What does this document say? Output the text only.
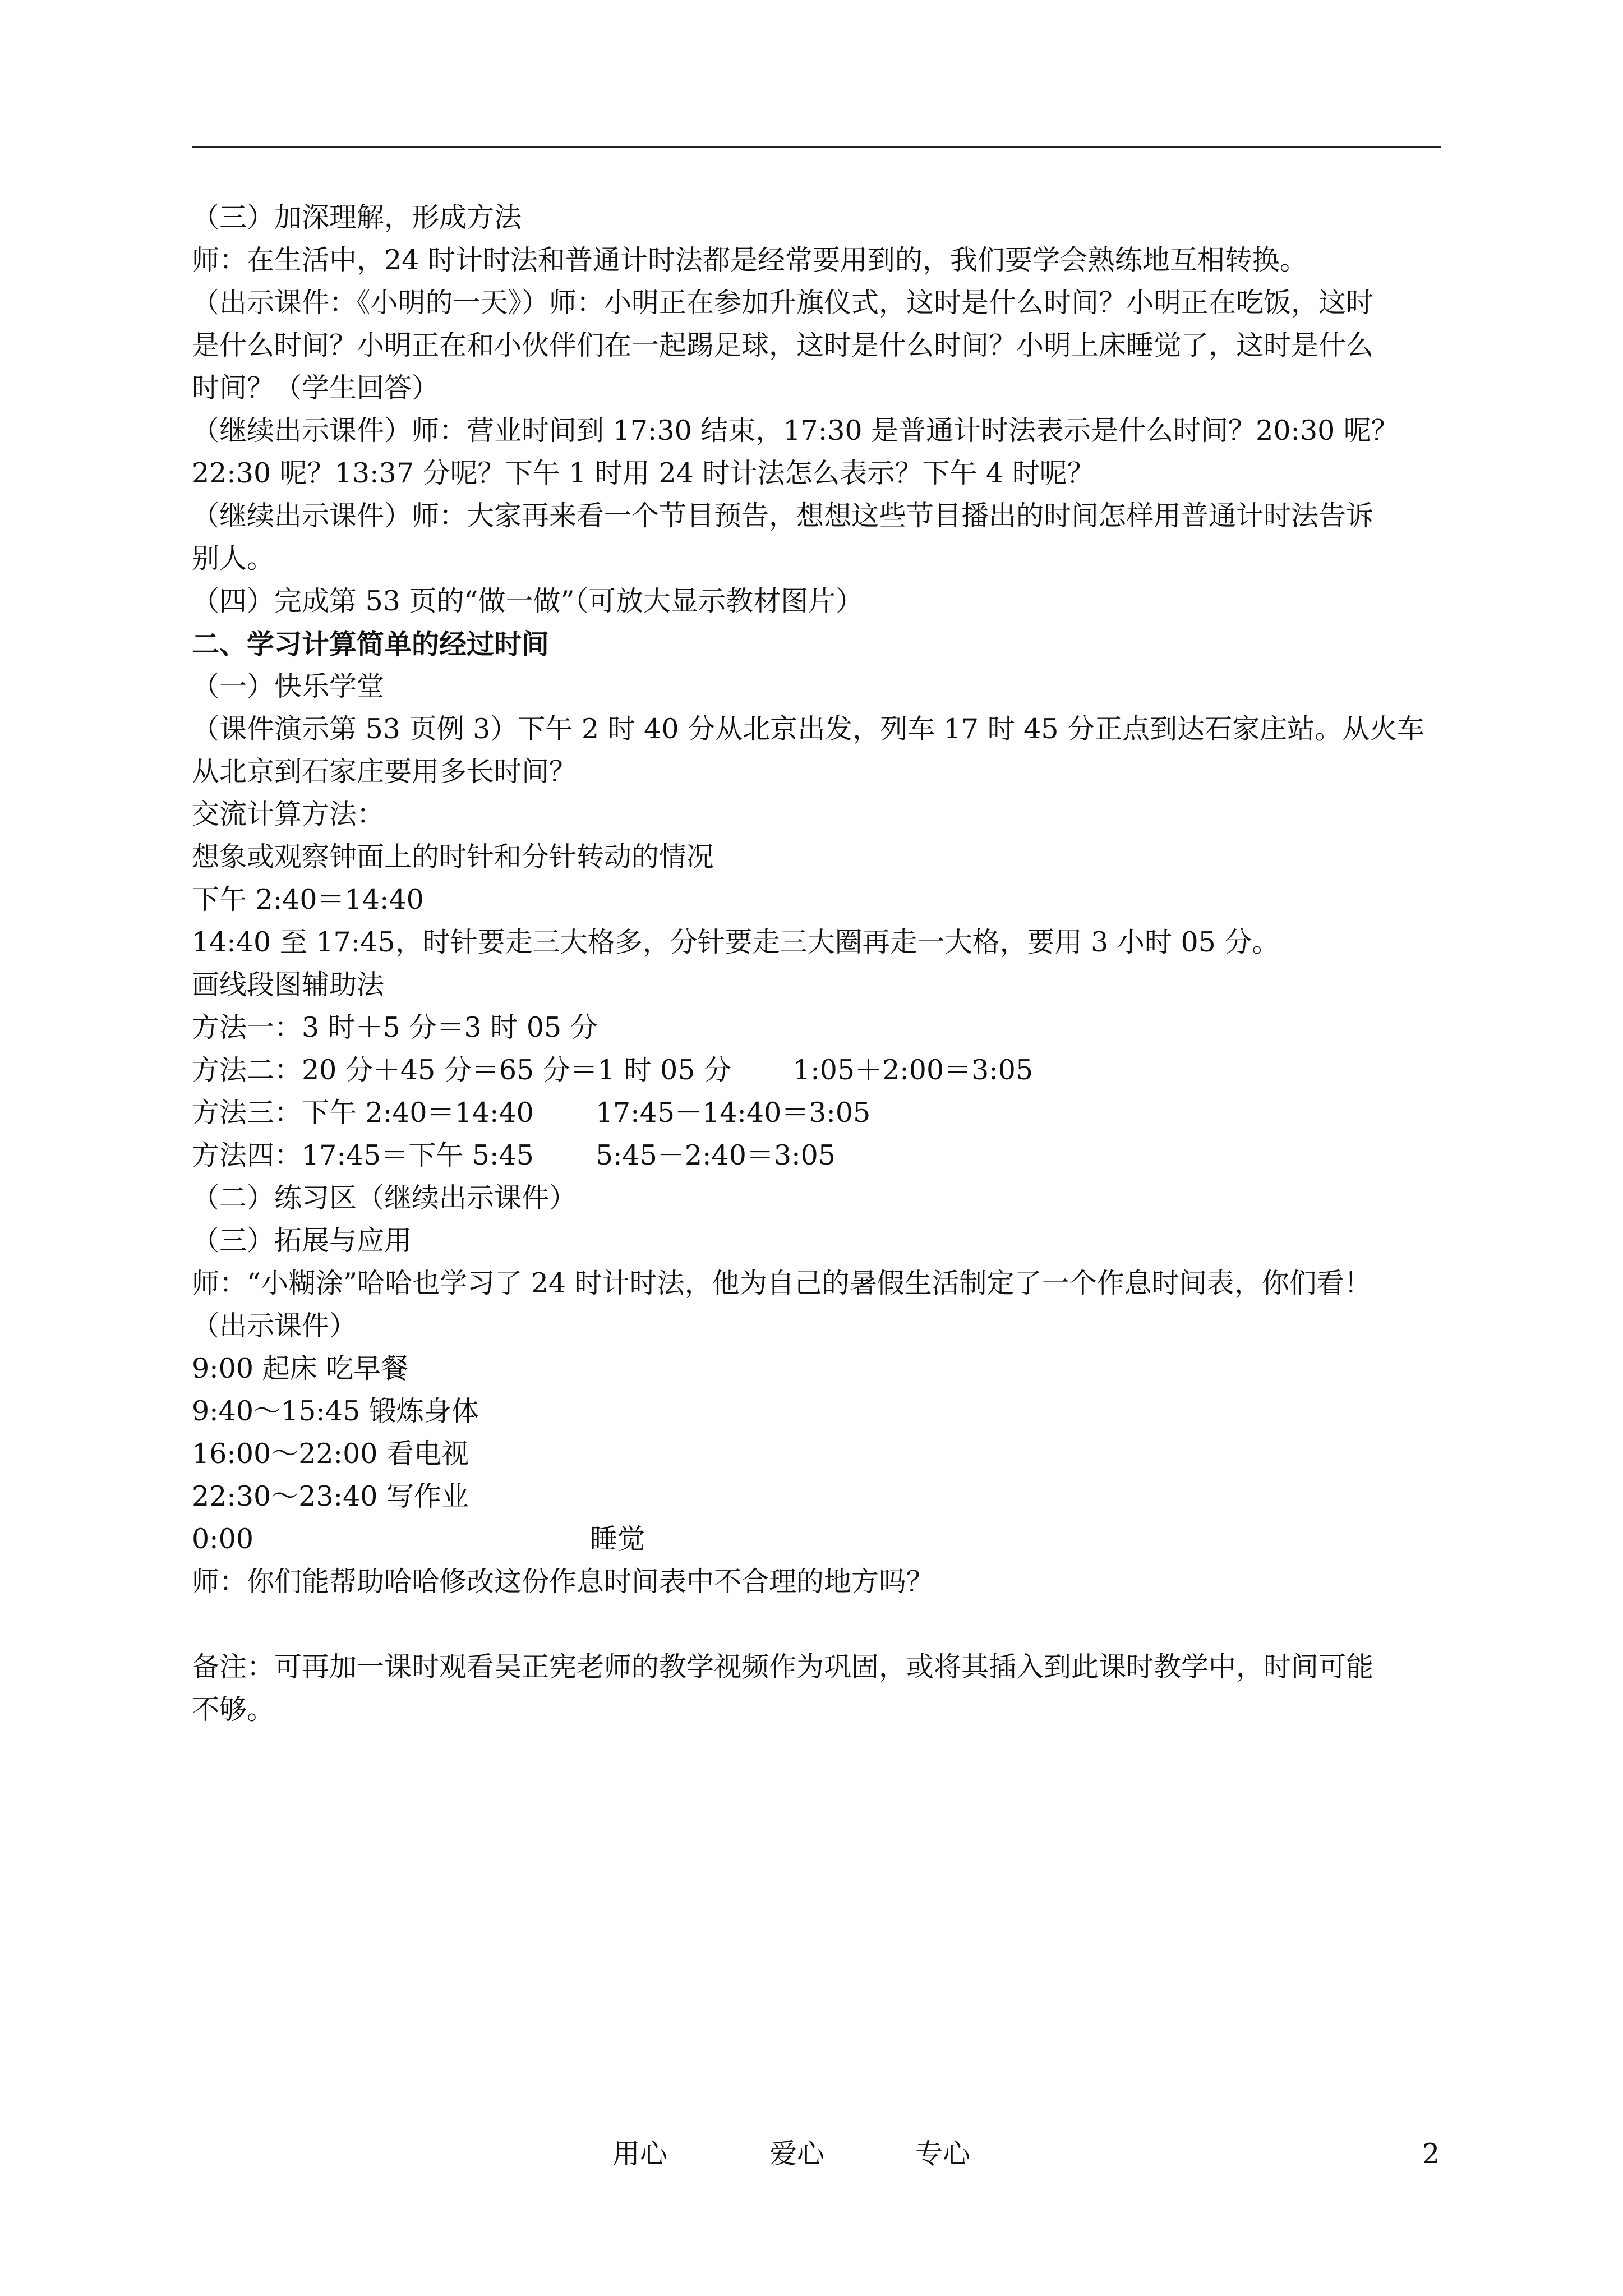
（三）加深理解，形成方法
师：在生活中，24 时计时法和普通计时法都是经常要用到的，我们要学会熟练地互相转换。
（出示课件：《小明的一天》）师：小明正在参加升旗仪式，这时是什么时间？小明正在吃饭，这时
是什么时间？小明正在和小伙伴们在一起踢足球，这时是什么时间？小明上床睡觉了，这时是什么
时间？（学生回答）
（继续出示课件）师：营业时间到 17:30 结束，17:30 是普通计时法表示是什么时间？20:30 呢？
22:30 呢？13:37 分呢？下午 1 时用 24 时计法怎么表示？下午 4 时呢？
（继续出示课件）师：大家再来看一个节目预告，想想这些节目播出的时间怎样用普通计时法告诉
别人。
（四）完成第 53 页的“做一做”（可放大显示教材图片）
二、学习计算简单的经过时间
（一）快乐学堂
（课件演示第 53 页例 3）下午 2 时 40 分从北京出发，列车 17 时 45 分正点到达石家庄站。从火车
从北京到石家庄要用多长时间？
交流计算方法：
想象或观察钟面上的时针和分针转动的情况
下午 2:40＝14:40
14:40 至 17:45，时针要走三大格多，分针要走三大圈再走一大格，要用 3 小时 05 分。
画线段图辅助法
方法一：3 时＋5 分＝3 时 05 分
方法二：20 分＋45 分＝65 分＝1 时 05 分 1:05＋2:00＝3:05
方法三：下午 2:40＝14:40 17:45－14:40＝3:05
方法四：17:45＝下午 5:45 5:45－2:40＝3:05
（二）练习区（继续出示课件）
（三）拓展与应用
师：“小糊涂”哈哈也学习了 24 时计时法，他为自己的暑假生活制定了一个作息时间表，你们看！
（出示课件）
9:00 起床 吃早餐
9:40～15:45 锻炼身体
16:00～22:00 看电视
22:30～23:40 写作业
0:00	睡觉
师：你们能帮助哈哈修改这份作息时间表中不合理的地方吗？
备注：可再加一课时观看吴正宪老师的教学视频作为巩固，或将其插入到此课时教学中，时间可能
不够。
用心	爱心	专心	2
